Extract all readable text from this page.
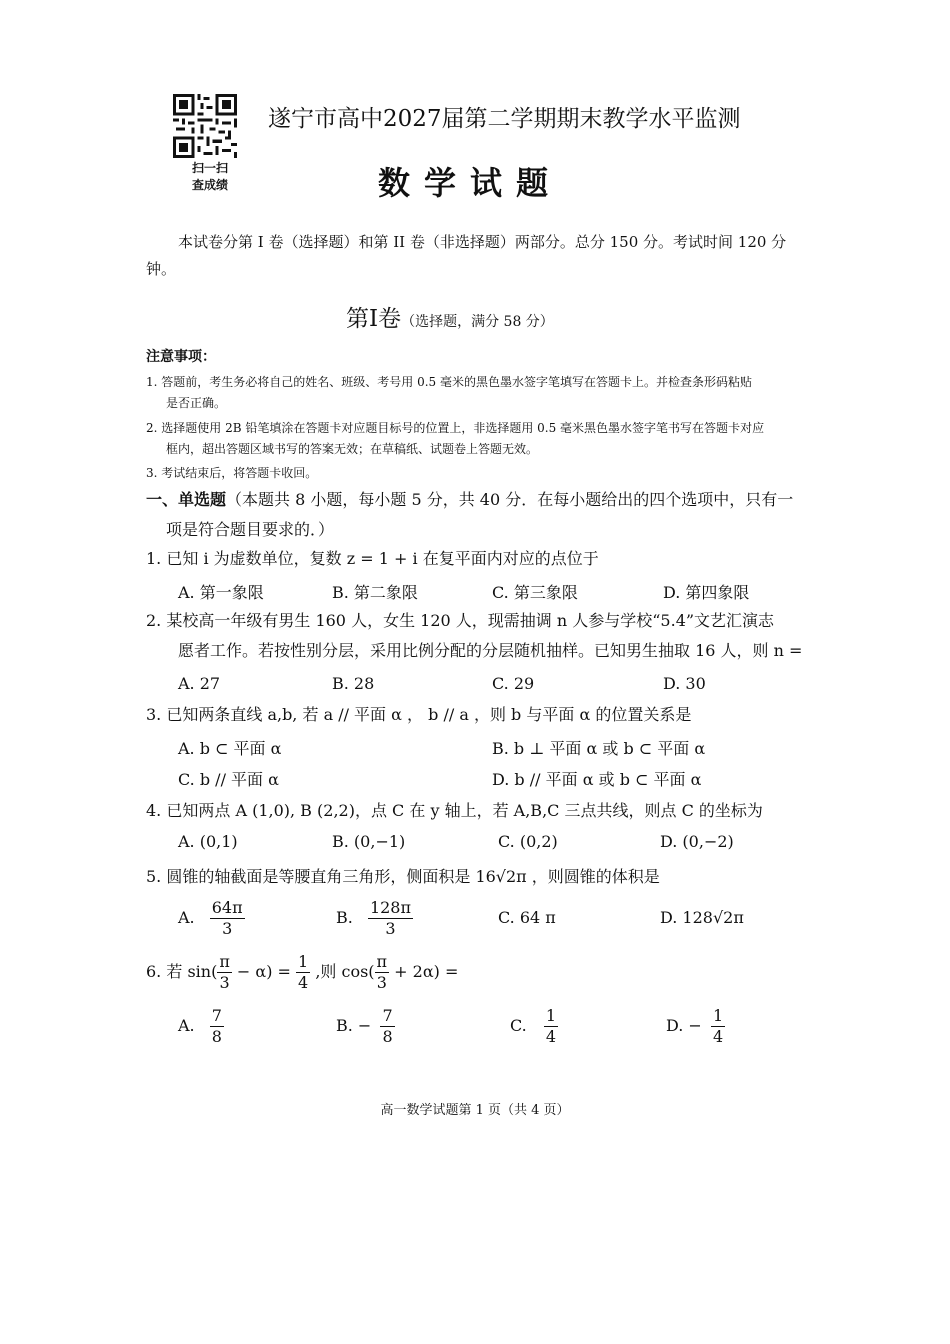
扫一扫
查成绩
遂宁市高中2027届第二学期期末教学水平监测
数学试题
本试卷分第 I 卷（选择题）和第 II 卷（非选择题）两部分。总分 150 分。考试时间 120 分钟。
第Ⅰ卷（选择题，满分 58 分）
注意事项：
1. 答题前，考生务必将自己的姓名、班级、考号用 0.5 毫米的黑色墨水签字笔填写在答题卡上。并检查条形码粘贴
是否正确。
2. 选择题使用 2B 铅笔填涂在答题卡对应题目标号的位置上，非选择题用 0.5 毫米黑色墨水签字笔书写在答题卡对应
框内，超出答题区域书写的答案无效；在草稿纸、试题卷上答题无效。
3. 考试结束后，将答题卡收回。
一、单选题（本题共 8 小题，每小题 5 分，共 40 分．在每小题给出的四个选项中，只有一
项是符合题目要求的．）
1. 已知 i 为虚数单位，复数 z = 1 + i 在复平面内对应的点位于
A. 第一象限	B. 第二象限	C. 第三象限	D. 第四象限
2. 某校高一年级有男生 160 人，女生 120 人，现需抽调 n 人参与学校“5.4”文艺汇演志
愿者工作。若按性别分层，采用比例分配的分层随机抽样。已知男生抽取 16 人，则 n =
A. 27	B. 28	C. 29	D. 30
3. 已知两条直线 a,b, 若 a // 平面 α ， b // a ，则 b 与平面 α 的位置关系是
A. b ⊂ 平面 α	B. b ⊥ 平面 α 或 b ⊂ 平面 α
C. b // 平面 α	D. b // 平面 α 或 b ⊂ 平面 α
4. 已知两点 A (1,0), B (2,2)，点 C 在 y 轴上，若 A,B,C 三点共线，则点 C 的坐标为
A. (0,1)	B. (0,−1)	C. (0,2)	D. (0,−2)
5. 圆锥的轴截面是等腰直角三角形，侧面积是 16√2π ，则圆锥的体积是
A. $\frac{64\pi}{3}$	B. $\frac{128\pi}{3}$	C. 64 π	D. 128√2π
6. 若 $\sin( \frac{\pi}{3} - \alpha) = \frac{1}{4}$ ,则 $\cos( \frac{\pi}{3} + 2\alpha)$ =
A. $\frac{7}{8}$	B. − $\frac{7}{8}$	C. $\frac{1}{4}$	D. − $\frac{1}{4}$
高一数学试题第 1 页（共 4 页）
